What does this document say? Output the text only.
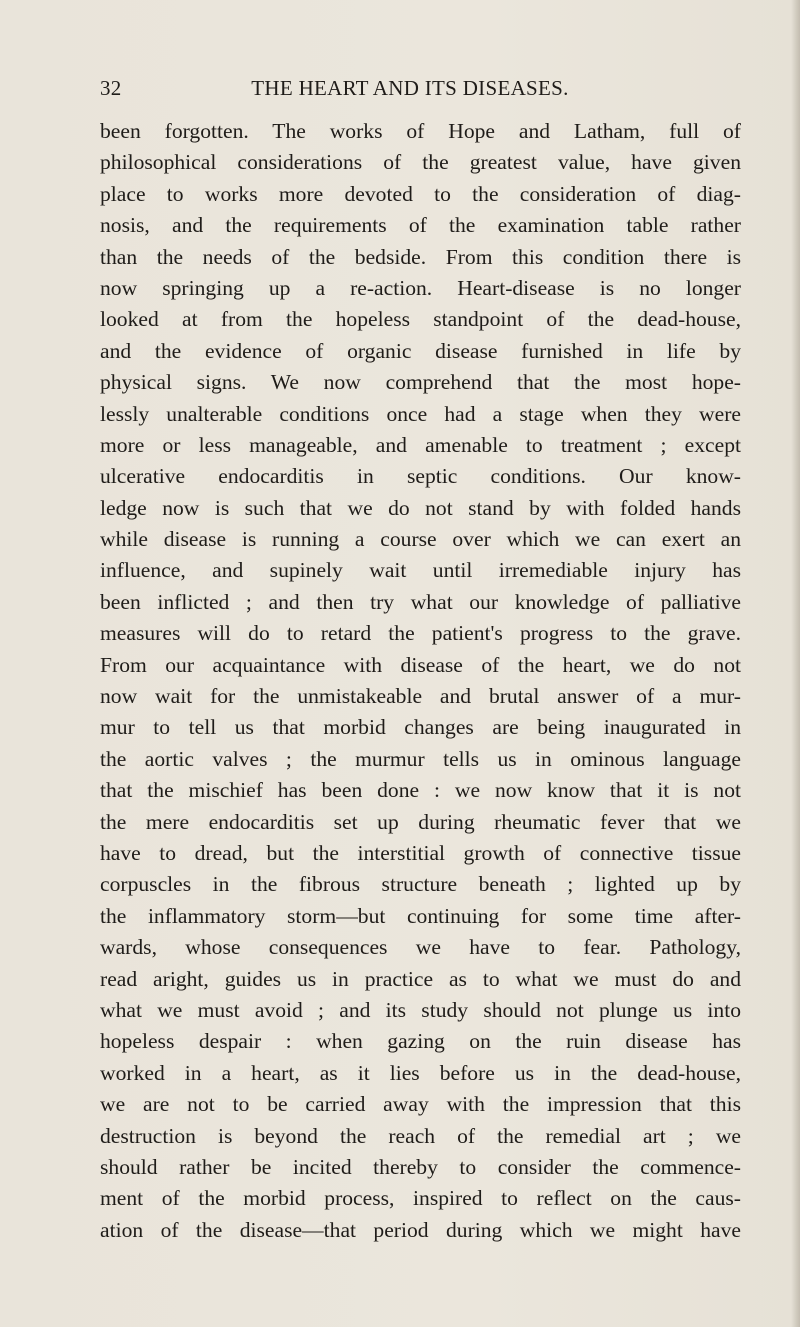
32	THE HEART AND ITS DISEASES.
been forgotten. The works of Hope and Latham, full of
philosophical considerations of the greatest value, have given
place to works more devoted to the consideration of diag-
nosis, and the requirements of the examination table rather
than the needs of the bedside. From this condition there is
now springing up a re-action. Heart-disease is no longer
looked at from the hopeless standpoint of the dead-house,
and the evidence of organic disease furnished in life by
physical signs. We now comprehend that the most hope-
lessly unalterable conditions once had a stage when they were
more or less manageable, and amenable to treatment ; except
ulcerative endocarditis in septic conditions. Our know-
ledge now is such that we do not stand by with folded hands
while disease is running a course over which we can exert an
influence, and supinely wait until irremediable injury has
been inflicted ; and then try what our knowledge of palliative
measures will do to retard the patient's progress to the grave.
From our acquaintance with disease of the heart, we do not
now wait for the unmistakeable and brutal answer of a mur-
mur to tell us that morbid changes are being inaugurated in
the aortic valves ; the murmur tells us in ominous language
that the mischief has been done : we now know that it is not
the mere endocarditis set up during rheumatic fever that we
have to dread, but the interstitial growth of connective tissue
corpuscles in the fibrous structure beneath ; lighted up by
the inflammatory storm—but continuing for some time after-
wards, whose consequences we have to fear. Pathology,
read aright, guides us in practice as to what we must do and
what we must avoid ; and its study should not plunge us into
hopeless despair : when gazing on the ruin disease has
worked in a heart, as it lies before us in the dead-house,
we are not to be carried away with the impression that this
destruction is beyond the reach of the remedial art ; we
should rather be incited thereby to consider the commence-
ment of the morbid process, inspired to reflect on the caus-
ation of the disease—that period during which we might have
